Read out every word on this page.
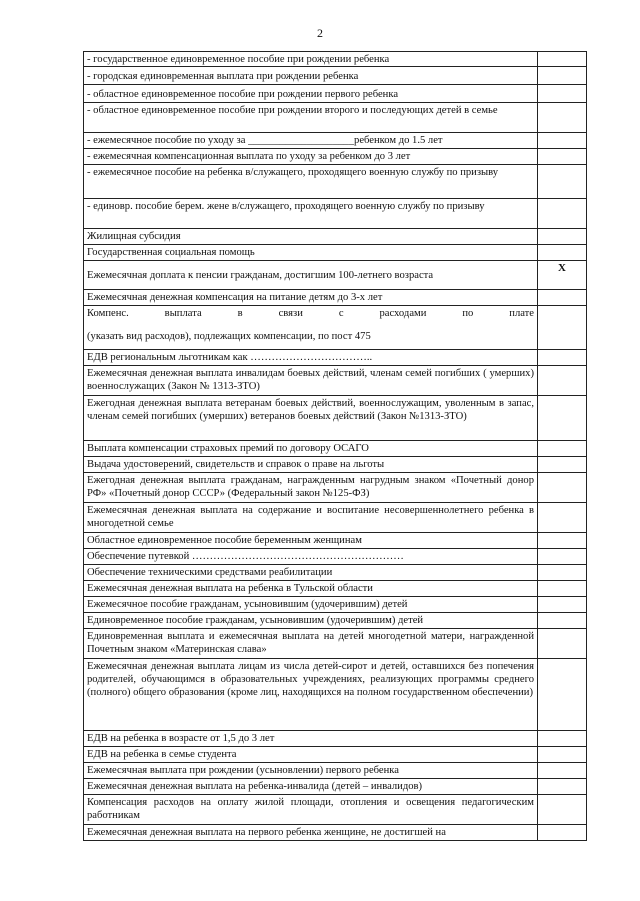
2
- государственное единовременное пособие при рождении ребенка	
- городская единовременная выплата при рождении ребенка	
- областное единовременное пособие при рождении первого ребенка	
- областное единовременное пособие при рождении второго и последующих детей в семье	
- ежемесячное пособие по уходу за ____________________ребенком до 1.5 лет	
- ежемесячная компенсационная выплата по уходу за ребенком до 3 лет	
- ежемесячное пособие на ребенка в/служащего, проходящего военную службу по призыву	
- единовр. пособие берем. жене в/служащего, проходящего военную службу по призыву	
Жилищная субсидия	
Государственная социальная помощь	
Ежемесячная доплата к пенсии гражданам, достигшим 100-летнего возраста	X
Ежемесячная денежная компенсация на питание детям до 3-х лет	

Компенс. выплата в связи с расходами по плате
(указать вид расходов), подлежащих компенсации, по пост 475	

ЕДВ региональным льготникам как ……………………………..	
Ежемесячная денежная выплата инвалидам боевых действий, членам семей погибших ( умерших) военнослужащих (Закон № 1313-ЗТО)	
Ежегодная денежная выплата ветеранам боевых действий, военнослужащим, уволенным в запас, членам семей погибших (умерших) ветеранов боевых действий (Закон №1313-ЗТО)	
Выплата компенсации страховых премий по договору ОСАГО	
Выдача удостоверений, свидетельств и справок о праве на льготы	
Ежегодная денежная выплата гражданам, награжденным нагрудным знаком «Почетный донор РФ» «Почетный донор СССР» (Федеральный закон №125-ФЗ)	
Ежемесячная денежная выплата на содержание и воспитание несовершеннолетнего ребенка в многодетной семье	
Областное единовременное пособие беременным женщинам	
Обеспечение путевкой ……………………………………………………	
Обеспечение техническими средствами реабилитации	
Ежемесячная денежная выплата на ребенка в Тульской области	
Ежемесячное пособие гражданам, усыновившим (удочерившим) детей	
Единовременное пособие гражданам, усыновившим (удочерившим) детей	
Единовременная выплата и ежемесячная выплата на детей многодетной матери, награжденной Почетным знаком «Материнская слава»	
Ежемесячная денежная выплата лицам из числа детей-сирот и детей, оставшихся без попечения родителей, обучающимся в образовательных учреждениях, реализующих программы среднего (полного) общего образования (кроме лиц, находящихся на полном государственном обеспечении)	
ЕДВ на ребенка в возрасте от 1,5 до 3 лет	
ЕДВ на ребенка в семье студента	
Ежемесячная выплата при рождении (усыновлении) первого ребенка	
Ежемесячная денежная выплата на ребенка-инвалида (детей – инвалидов)	
Компенсация расходов на оплату жилой площади, отопления и освещения педагогическим работникам	
Ежемесячная денежная выплата на первого ребенка женщине, не достигшей на	
